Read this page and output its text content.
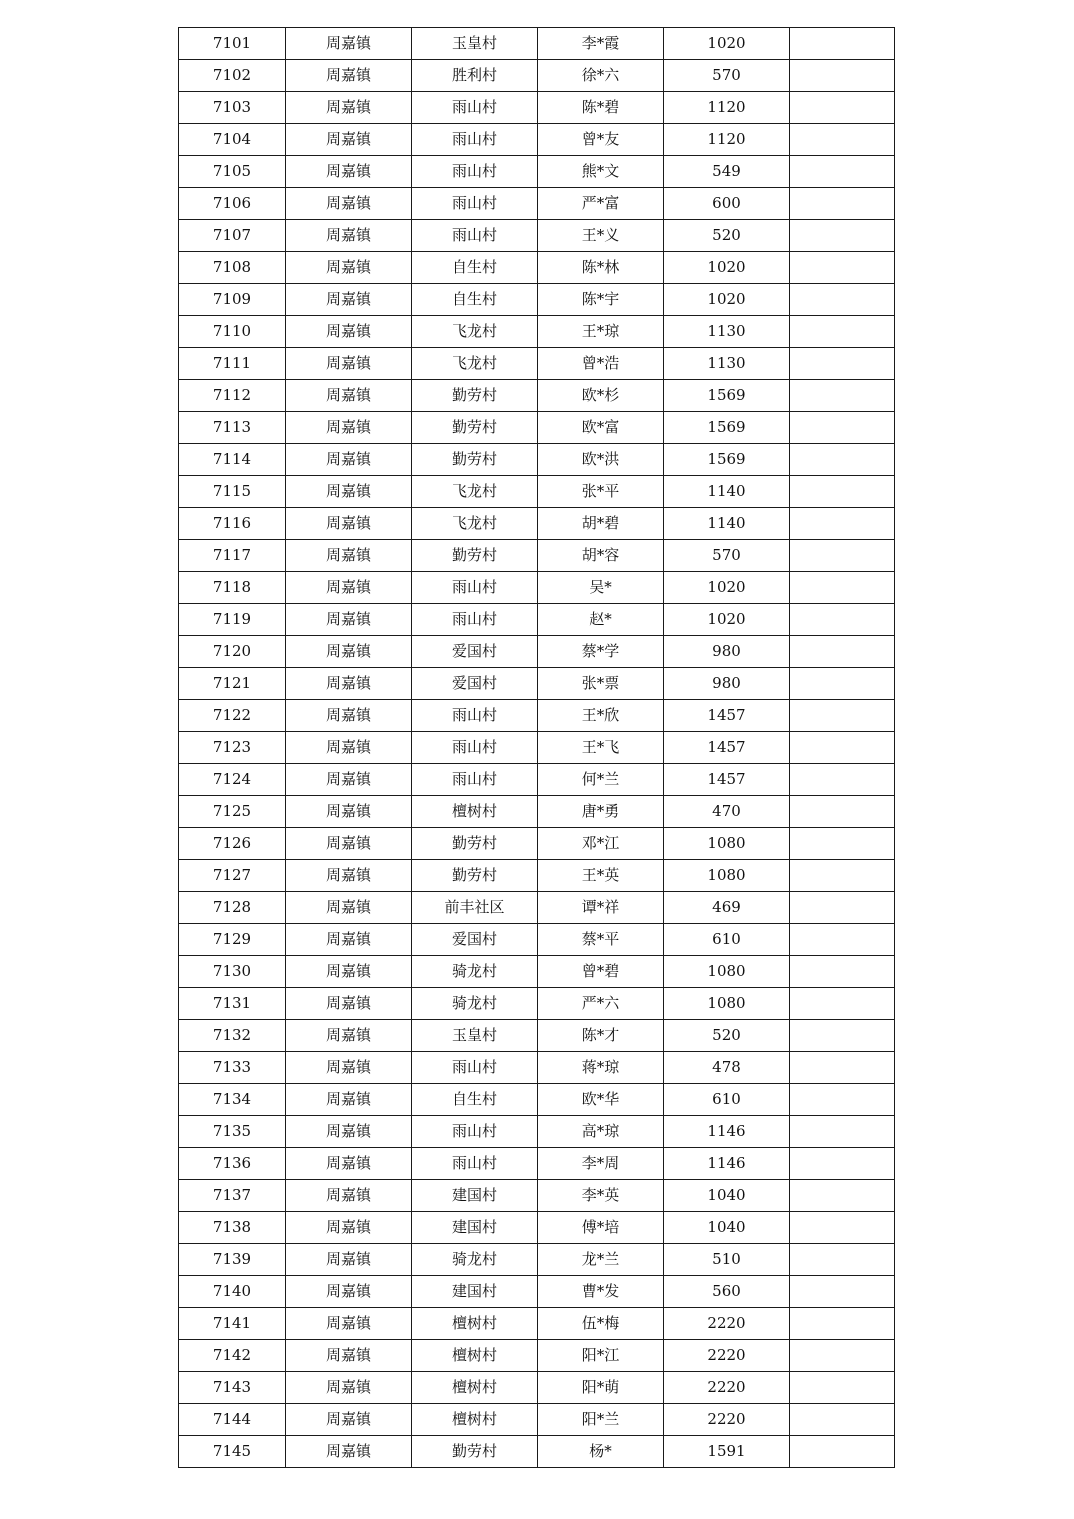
7101	周嘉镇	玉皇村	李*霞	1020	
7102	周嘉镇	胜利村	徐*六	570	
7103	周嘉镇	雨山村	陈*碧	1120	
7104	周嘉镇	雨山村	曾*友	1120	
7105	周嘉镇	雨山村	熊*文	549	
7106	周嘉镇	雨山村	严*富	600	
7107	周嘉镇	雨山村	王*义	520	
7108	周嘉镇	自生村	陈*林	1020	
7109	周嘉镇	自生村	陈*宇	1020	
7110	周嘉镇	飞龙村	王*琼	1130	
7111	周嘉镇	飞龙村	曾*浩	1130	
7112	周嘉镇	勤劳村	欧*杉	1569	
7113	周嘉镇	勤劳村	欧*富	1569	
7114	周嘉镇	勤劳村	欧*洪	1569	
7115	周嘉镇	飞龙村	张*平	1140	
7116	周嘉镇	飞龙村	胡*碧	1140	
7117	周嘉镇	勤劳村	胡*容	570	
7118	周嘉镇	雨山村	吴*	1020	
7119	周嘉镇	雨山村	赵*	1020	
7120	周嘉镇	爱国村	蔡*学	980	
7121	周嘉镇	爱国村	张*票	980	
7122	周嘉镇	雨山村	王*欣	1457	
7123	周嘉镇	雨山村	王*飞	1457	
7124	周嘉镇	雨山村	何*兰	1457	
7125	周嘉镇	檀树村	唐*勇	470	
7126	周嘉镇	勤劳村	邓*江	1080	
7127	周嘉镇	勤劳村	王*英	1080	
7128	周嘉镇	前丰社区	谭*祥	469	
7129	周嘉镇	爱国村	蔡*平	610	
7130	周嘉镇	骑龙村	曾*碧	1080	
7131	周嘉镇	骑龙村	严*六	1080	
7132	周嘉镇	玉皇村	陈*才	520	
7133	周嘉镇	雨山村	蒋*琼	478	
7134	周嘉镇	自生村	欧*华	610	
7135	周嘉镇	雨山村	高*琼	1146	
7136	周嘉镇	雨山村	李*周	1146	
7137	周嘉镇	建国村	李*英	1040	
7138	周嘉镇	建国村	傅*培	1040	
7139	周嘉镇	骑龙村	龙*兰	510	
7140	周嘉镇	建国村	曹*发	560	
7141	周嘉镇	檀树村	伍*梅	2220	
7142	周嘉镇	檀树村	阳*江	2220	
7143	周嘉镇	檀树村	阳*萌	2220	
7144	周嘉镇	檀树村	阳*兰	2220	
7145	周嘉镇	勤劳村	杨*	1591	
